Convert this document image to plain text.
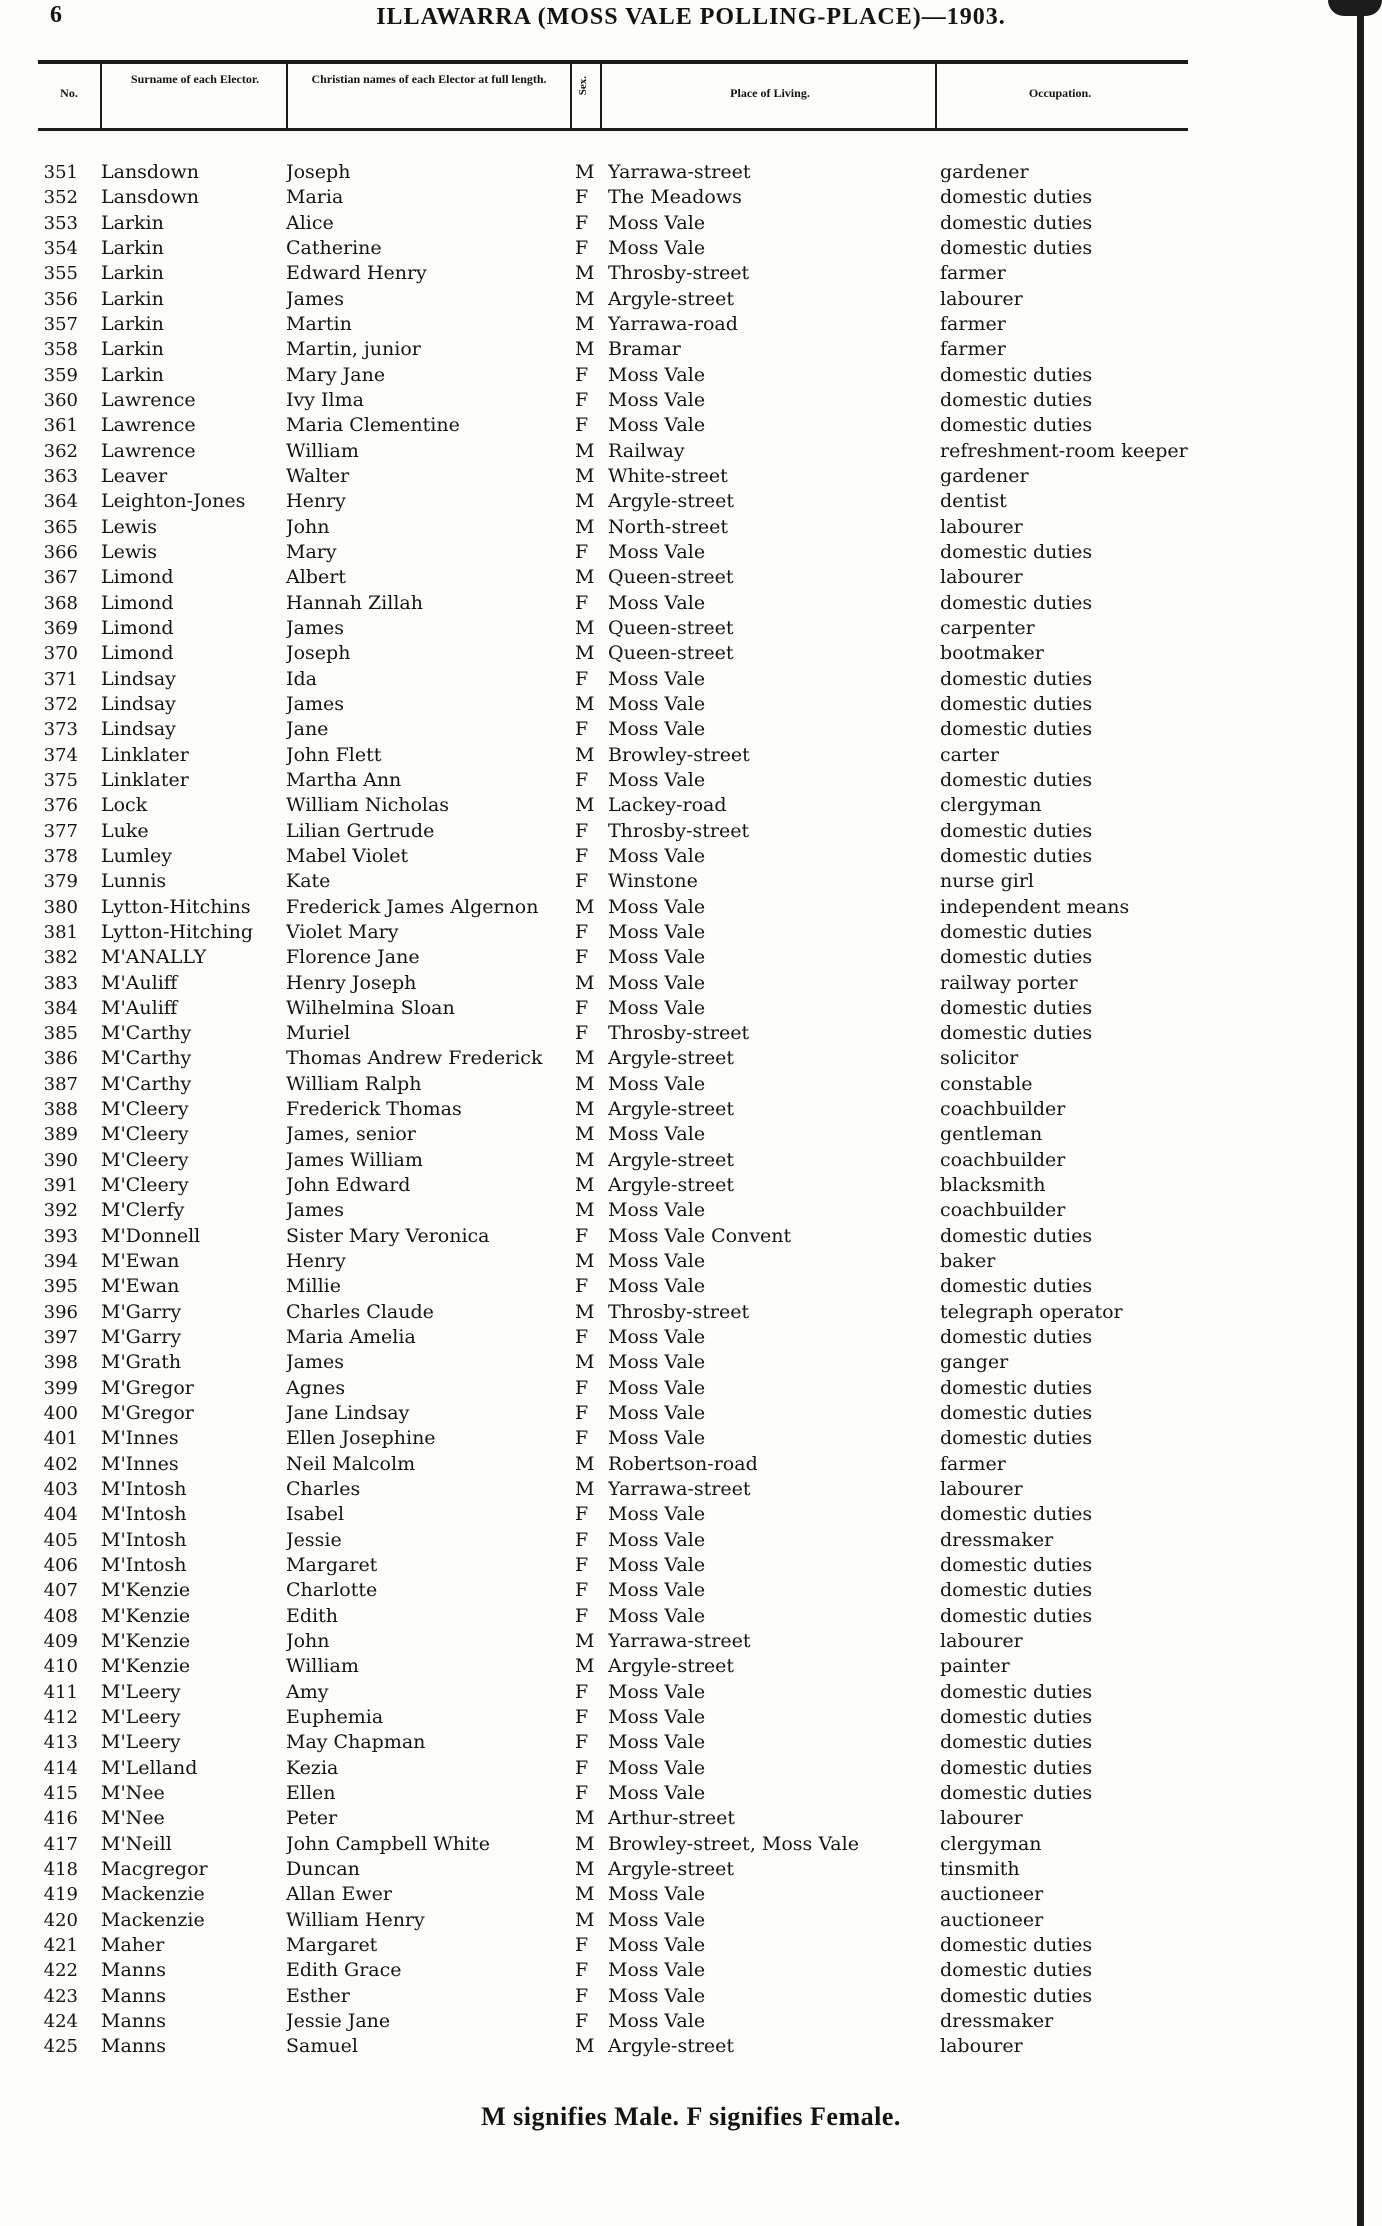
6	ILLAWARRA (MOSS VALE POLLING-PLACE)—1903.
No.
Surname of each Elector.	Christian names of each Elector at full length.	Sex.	Place of Living.	Occupation.
351 Lansdown	Joseph	M Yarrawa-street	gardener
352 Lansdown	Maria	F The Meadows	domestic duties
353 Larkin	Alice	F Moss Vale	domestic duties
354 Larkin	Catherine	F Moss Vale	domestic duties
355 Larkin	Edward Henry	M Throsby-street	farmer
356 Larkin	James	M Argyle-street	labourer
357 Larkin	Martin	M Yarrawa-road	farmer
358 Larkin	Martin, junior	M Bramar	farmer
359 Larkin	Mary Jane	F Moss Vale	domestic duties
360 Lawrence	Ivy Ilma	F Moss Vale	domestic duties
361 Lawrence	Maria Clementine	F Moss Vale	domestic duties
362 Lawrence	William	M Railway	refreshment-room keeper
363 Leaver	Walter	M White-street	gardener
364 Leighton-Jones	Henry	M Argyle-street	dentist
365 Lewis	John	M North-street	labourer
366 Lewis	Mary	F Moss Vale	domestic duties
367 Limond	Albert	M Queen-street	labourer
368 Limond	Hannah Zillah	F Moss Vale	domestic duties
369 Limond	James	M Queen-street	carpenter
370 Limond	Joseph	M Queen-street	bootmaker
371 Lindsay	Ida	F Moss Vale	domestic duties
372 Lindsay	James	M Moss Vale	domestic duties
373 Lindsay	Jane	F Moss Vale	domestic duties
374 Linklater	John Flett	M Browley-street	carter
375 Linklater	Martha Ann	F Moss Vale	domestic duties
376 Lock	William Nicholas	M Lackey-road	clergyman
377 Luke	Lilian Gertrude	F Throsby-street	domestic duties
378 Lumley	Mabel Violet	F Moss Vale	domestic duties
379 Lunnis	Kate	F Winstone	nurse girl
380 Lytton-Hitchins	Frederick James Algernon	M Moss Vale	independent means
381 Lytton-Hitching	Violet Mary	F Moss Vale	domestic duties
382 M'ANALLY	Florence Jane	F Moss Vale	domestic duties
383 M'Auliff	Henry Joseph	M Moss Vale	railway porter
384 M'Auliff	Wilhelmina Sloan	F Moss Vale	domestic duties
385 M'Carthy	Muriel	F Throsby-street	domestic duties
386 M'Carthy	Thomas Andrew Frederick	M Argyle-street	solicitor
387 M'Carthy	William Ralph	M Moss Vale	constable
388 M'Cleery	Frederick Thomas	M Argyle-street	coachbuilder
389 M'Cleery	James, senior	M Moss Vale	gentleman
390 M'Cleery	James William	M Argyle-street	coachbuilder
391 M'Cleery	John Edward	M Argyle-street	blacksmith
392 M'Clerfy	James	M Moss Vale	coachbuilder
393 M'Donnell	Sister Mary Veronica	F Moss Vale Convent	domestic duties
394 M'Ewan	Henry	M Moss Vale	baker
395 M'Ewan	Millie	F Moss Vale	domestic duties
396 M'Garry	Charles Claude	M Throsby-street	telegraph operator
397 M'Garry	Maria Amelia	F Moss Vale	domestic duties
398 M'Grath	James	M Moss Vale	ganger
399 M'Gregor	Agnes	F Moss Vale	domestic duties
400 M'Gregor	Jane Lindsay	F Moss Vale	domestic duties
401 M'Innes	Ellen Josephine	F Moss Vale	domestic duties
402 M'Innes	Neil Malcolm	M Robertson-road	farmer
403 M'Intosh	Charles	M Yarrawa-street	labourer
404 M'Intosh	Isabel	F Moss Vale	domestic duties
405 M'Intosh	Jessie	F Moss Vale	dressmaker
406 M'Intosh	Margaret	F Moss Vale	domestic duties
407 M'Kenzie	Charlotte	F Moss Vale	domestic duties
408 M'Kenzie	Edith	F Moss Vale	domestic duties
409 M'Kenzie	John	M Yarrawa-street	labourer
410 M'Kenzie	William	M Argyle-street	painter
411 M'Leery	Amy	F Moss Vale	domestic duties
412 M'Leery	Euphemia	F Moss Vale	domestic duties
413 M'Leery	May Chapman	F Moss Vale	domestic duties
414 M'Lelland	Kezia	F Moss Vale	domestic duties
415 M'Nee	Ellen	F Moss Vale	domestic duties
416 M'Nee	Peter	M Arthur-street	labourer
417 M'Neill	John Campbell White	M Browley-street, Moss Vale	clergyman
418 Macgregor	Duncan	M Argyle-street	tinsmith
419 Mackenzie	Allan Ewer	M Moss Vale	auctioneer
420 Mackenzie	William Henry	M Moss Vale	auctioneer
421 Maher	Margaret	F Moss Vale	domestic duties
422 Manns	Edith Grace	F Moss Vale	domestic duties
423 Manns	Esther	F Moss Vale	domestic duties
424 Manns	Jessie Jane	F Moss Vale	dressmaker
425 Manns	Samuel	M Argyle-street	labourer
M signifies Male. F signifies Female.
